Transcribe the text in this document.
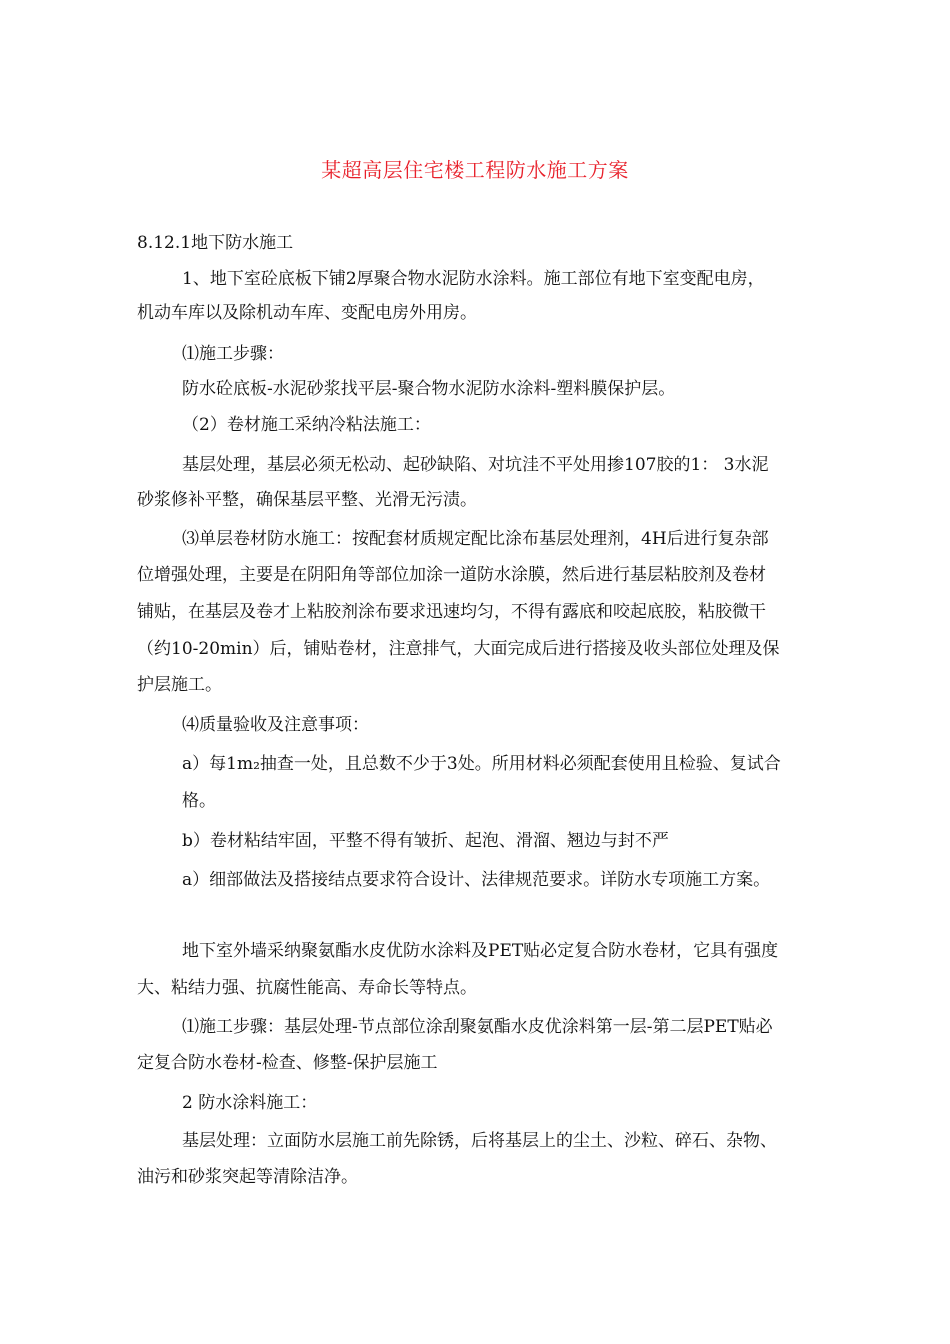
某超高层住宅楼工程防水施工方案
8.12.1地下防水施工
1、地下室砼底板下铺2厚聚合物水泥防水涂料。施工部位有地下室变配电房，
机动车库以及除机动车库、变配电房外用房。
⑴施工步骤：
防水砼底板-水泥砂浆找平层-聚合物水泥防水涂料-塑料膜保护层。
（2）卷材施工采纳冷粘法施工：
基层处理，基层必须无松动、起砂缺陷、对坑洼不平处用掺107胶的1： 3水泥
砂浆修补平整，确保基层平整、光滑无污渍。
⑶单层卷材防水施工：按配套材质规定配比涂布基层处理剂，4H后进行复杂部
位增强处理，主要是在阴阳角等部位加涂一道防水涂膜，然后进行基层粘胶剂及卷材
铺贴，在基层及卷才上粘胶剂涂布要求迅速均匀，不得有露底和咬起底胶，粘胶微干
（约10-20min）后，铺贴卷材，注意排气，大面完成后进行搭接及收头部位处理及保
护层施工。
⑷质量验收及注意事项：
a）每1m₂抽查一处，且总数不少于3处。所用材料必须配套使用且检验、复试合
格。
b）卷材粘结牢固，平整不得有皱折、起泡、滑溜、翘边与封不严
a）细部做法及搭接结点要求符合设计、法律规范要求。详防水专项施工方案。
地下室外墙采纳聚氨酯水皮优防水涂料及PET贴必定复合防水卷材，它具有强度
大、粘结力强、抗腐性能高、寿命长等特点。
⑴施工步骤：基层处理-节点部位涂刮聚氨酯水皮优涂料第一层-第二层PET贴必
定复合防水卷材-检查、修整-保护层施工
2 防水涂料施工：
基层处理：立面防水层施工前先除锈，后将基层上的尘土、沙粒、碎石、杂物、
油污和砂浆突起等清除洁净。
